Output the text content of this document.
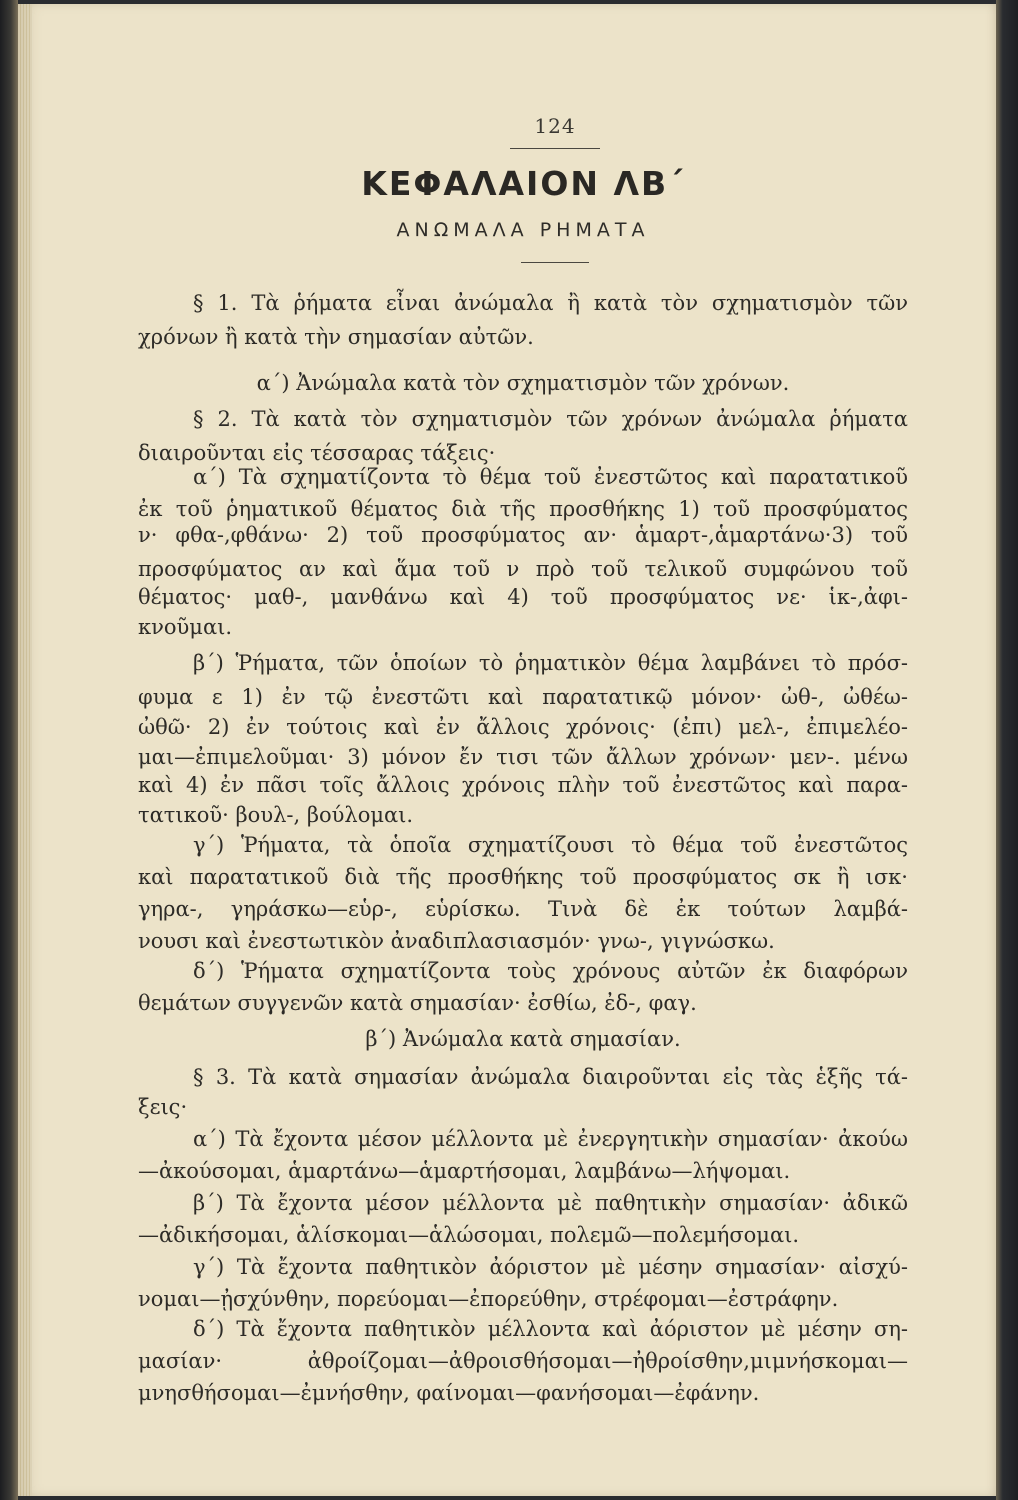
124
ΚΕΦΑΛΑΙΟΝ ΛΒ΄
ΑΝΩΜΑΛΑ ΡΗΜΑΤΑ
§ 1. Τὰ ῥήματα εἶναι ἀνώμαλα ἢ κατὰ τὸν σχηματισμὸν τῶν
χρόνων ἢ κατὰ τὴν σημασίαν αὐτῶν.
α΄) Ἀνώμαλα κατὰ τὸν σχηματισμὸν τῶν χρόνων.
§ 2. Τὰ κατὰ τὸν σχηματισμὸν τῶν χρόνων ἀνώμαλα ῥήματα
διαιροῦνται εἰς τέσσαρας τάξεις·
α΄) Τὰ σχηματίζοντα τὸ θέμα τοῦ ἐνεστῶτος καὶ παρατατικοῦ
ἐκ τοῦ ῥηματικοῦ θέματος διὰ τῆς προσθήκης 1) τοῦ προσφύματος
ν· φθα-,φθάνω· 2) τοῦ προσφύματος αν· ἁμαρτ-,ἁμαρτάνω·3) τοῦ
προσφύματος αν καὶ ἅμα τοῦ ν πρὸ τοῦ τελικοῦ συμφώνου τοῦ
θέματος· μαθ-, μανθάνω καὶ 4) τοῦ προσφύματος νε· ἱκ-,ἀφι-
κνοῦμαι.
β΄) Ῥήματα, τῶν ὁποίων τὸ ῥηματικὸν θέμα λαμβάνει τὸ πρόσ-
φυμα ε 1) ἐν τῷ ἐνεστῶτι καὶ παρατατικῷ μόνον· ὠθ-, ὠθέω-
ὠθῶ· 2) ἐν τούτοις καὶ ἐν ἄλλοις χρόνοις· (ἐπι) μελ-, ἐπιμελέο-
μαι—ἐπιμελοῦμαι· 3) μόνον ἔν τισι τῶν ἄλλων χρόνων· μεν-. μένω
καὶ 4) ἐν πᾶσι τοῖς ἄλλοις χρόνοις πλὴν τοῦ ἐνεστῶτος καὶ παρα-
τατικοῦ· βουλ-, βούλομαι.
γ΄) Ῥήματα, τὰ ὁποῖα σχηματίζουσι τὸ θέμα τοῦ ἐνεστῶτος
καὶ παρατατικοῦ διὰ τῆς προσθήκης τοῦ προσφύματος σκ ἢ ισκ·
γηρα-, γηράσκω—εὑρ-, εὑρίσκω. Τινὰ δὲ ἐκ τούτων λαμβά-
νουσι καὶ ἐνεστωτικὸν ἀναδιπλασιασμόν· γνω-, γιγνώσκω.
δ΄) Ῥήματα σχηματίζοντα τοὺς χρόνους αὐτῶν ἐκ διαφόρων
θεμάτων συγγενῶν κατὰ σημασίαν· ἐσθίω, ἐδ-, φαγ.
β΄) Ἀνώμαλα κατὰ σημασίαν.
§ 3. Τὰ κατὰ σημασίαν ἀνώμαλα διαιροῦνται εἰς τὰς ἑξῆς τά-
ξεις·
α΄) Τὰ ἔχοντα μέσον μέλλοντα μὲ ἐνεργητικὴν σημασίαν· ἀκούω
—ἀκούσομαι, ἁμαρτάνω—ἁμαρτήσομαι, λαμβάνω—λήψομαι.
β΄) Τὰ ἔχοντα μέσον μέλλοντα μὲ παθητικὴν σημασίαν· ἀδικῶ
—ἀδικήσομαι, ἁλίσκομαι—ἁλώσομαι, πολεμῶ—πολεμήσομαι.
γ΄) Τὰ ἔχοντα παθητικὸν ἀόριστον μὲ μέσην σημασίαν· αἰσχύ-
νομαι—ᾐσχύνθην, πορεύομαι—ἐπορεύθην, στρέφομαι—ἐστράφην.
δ΄) Τὰ ἔχοντα παθητικὸν μέλλοντα καὶ ἀόριστον μὲ μέσην ση-
μασίαν· ἀθροίζομαι—ἀθροισθήσομαι—ἠθροίσθην,μιμνήσκομαι—
μνησθήσομαι—ἐμνήσθην, φαίνομαι—φανήσομαι—ἐφάνην.
